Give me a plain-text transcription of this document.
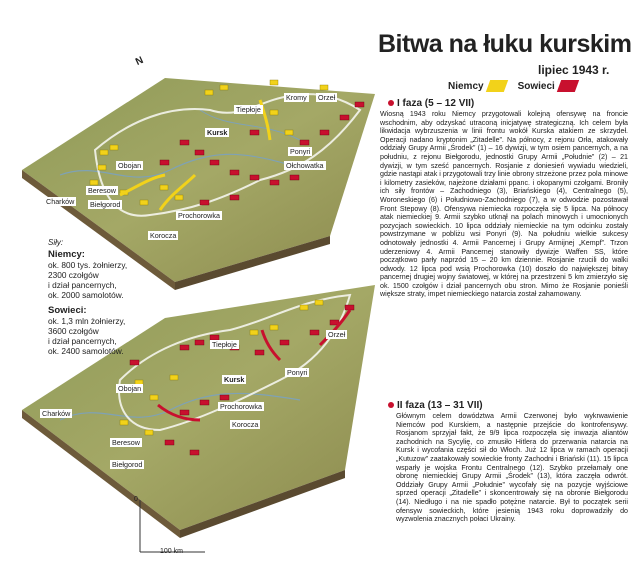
Tiepłoje
Kromy Orzeł
Kursk
Ponyri
Ołchowatka
Obojan
Beresow
Biełgorod
Charków
Prochorowka
Korocza
Tiepłoje
Orzeł
Ponyri
Kursk
Obojan
Prochorowka
Korocza
Beresow
Biełgorod
Charków
N
Bitwa na łuku kurskim
lipiec 1943 r.
Niemcy	Sowieci
I faza (5 – 12 VII)
Wiosną 1943 roku Niemcy przygotowali kolejną ofensywę na froncie wschodnim, aby odzyskać utraconą inicjatywę strategiczną. Ich celem była likwidacja wybrzuszenia w linii frontu wokół Kurska atakiem ze skrzydeł. Operacji nadano kryptonim „Zitadelle”. Na północy, z rejonu Orła, atakowały oddziały Grupy Armii „Środek” (1) – 16 dywizji, w tym osiem pancernych, a na południu, z rejonu Biełgorodu, jednostki Grupy Armii „Południe” (2) – 21 dywizji, w tym sześć pancernych. Rosjanie z doniesień wywiadu wiedzieli, gdzie nastąpi atak i przygotowali trzy linie obrony strzeżone przez pola minowe i kilometry zasieków, najeżone działami ppanc. i okopanymi czołgami. Broniły ich siły frontów – Zachodniego (3), Briańskiego (4), Centralnego (5), Woroneskiego (6) i Południowo-Zachodniego (7), a w odwodzie pozostawał Front Stepowy (8). Ofensywa niemiecka rozpoczęła się 5 lipca. Na północy atak niemieckiej 9. Armii szybko utknął na polach minowych i umocnionych pozycjach sowieckich. 10 lipca oddziały niemieckie na tym odcinku zostały powstrzymane w pobliżu wsi Ponyri (9). Na południu wielkie sukcesy odnotowały jednostki 4. Armii Pancernej i Grupy Armijnej „Kempf”. Trzon uderzeniowy 4. Armii Pancernej stanowiły dywizje Waffen SS, które początkowo parły naprzód 15 – 20 km dziennie. Rosjanie rzucili do walki odwody. 12 lipca pod wsią Prochorowka (10) doszło do największej bitwy pancernej drugiej wojny światowej, w której na przestrzeni 5 km zmierzyło się ok. 1500 czołgów i dział pancernych obu stron. Mimo że Rosjanie ponieśli większe straty, impet niemieckiego natarcia został zahamowany.
II faza (13 – 31 VII)
Głównym celem dowództwa Armii Czerwonej było wykrwawienie Niemców pod Kurskiem, a następnie przejście do kontrofensywy. Rosjanom sprzyjał fakt, że 9/9 lipca rozpoczęła się inwazja aliantów zachodnich na Sycylię, co zmusiło Hitlera do przerwania natarcia na Kursk i wycofania części sił do Włoch. Już 12 lipca w ramach operacji „Kutuzow” zaatakowały sowieckie fronty Zachodni i Briański (11). 15 lipca wsparły je wojska Frontu Centralnego (12). Szybko przełamały one obronę niemieckiej Grupy Armii „Środek” (13), która zaczęła odwrót. Oddziały Grupy Armii „Południe” wycofały się na pozycje wyjściowe sprzed operacji „Zitadelle” i skoncentrowały się na obronie Biełgorodu (14). Niedługo i na nie spadło potężne natarcie. Był to początek serii ofensyw sowieckich, które jesienią 1943 roku doprowadziły do wyzwolenia znacznych połaci Ukrainy.
Siły:
Niemcy:
ok. 800 tys. żołnierzy,
2300 czołgów
i dział pancernych,
ok. 2000 samolotów.
Sowieci:
ok. 1,3 mln żołnierzy,
3600 czołgów
i dział pancernych,
ok. 2400 samolotów.
0
100 km
